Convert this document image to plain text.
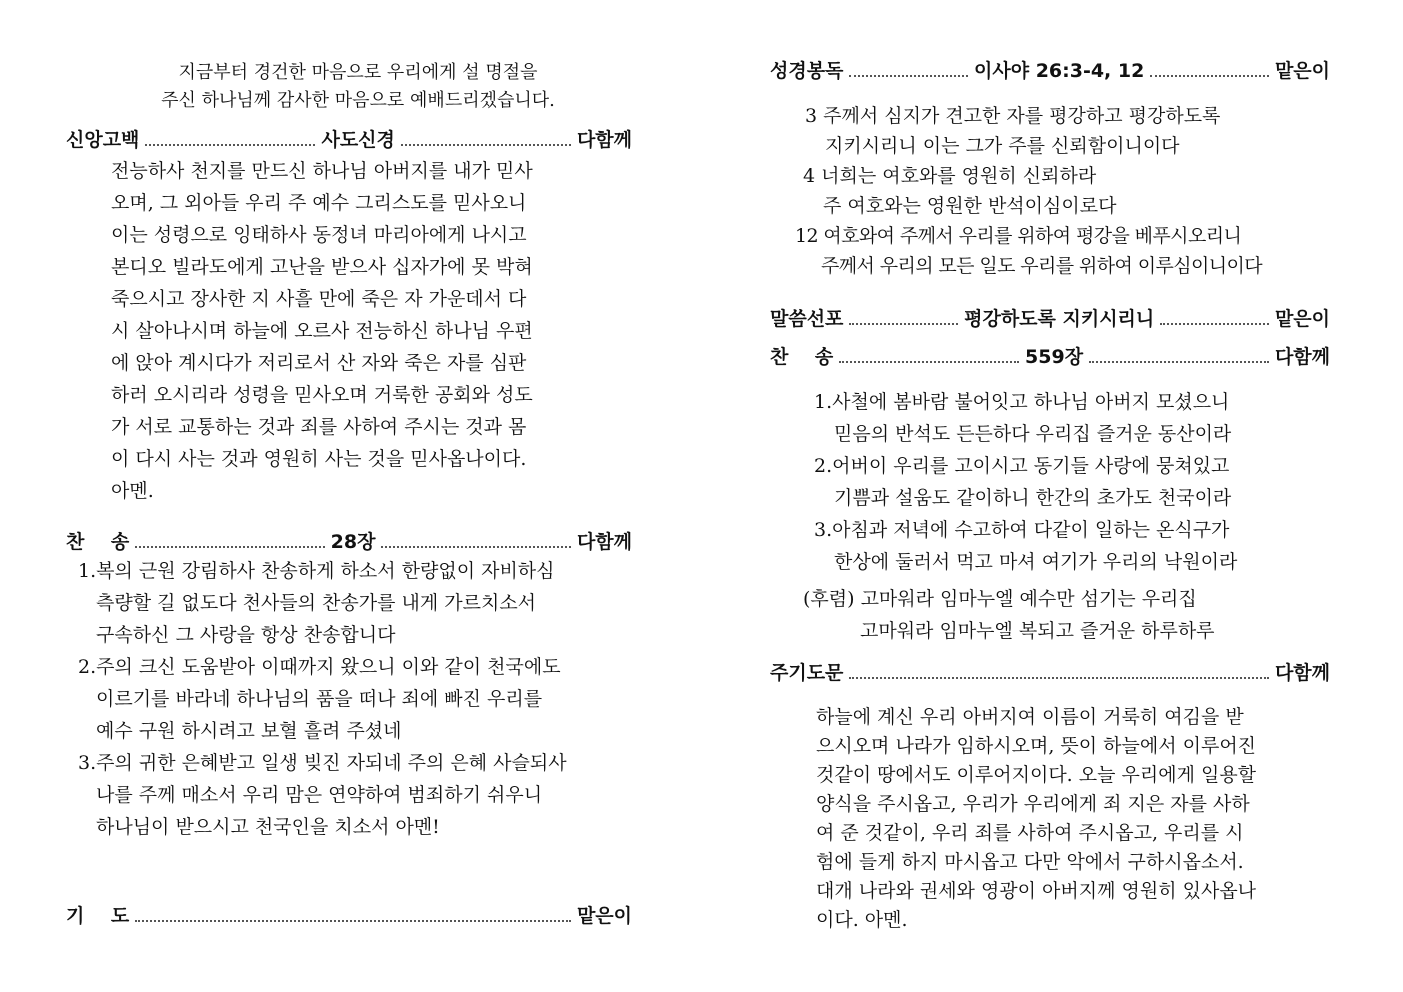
지금부터 경건한 마음으로 우리에게 설 명절을
주신 하나님께 감사한 마음으로 예배드리겠습니다.
신앙고백	사도신경	다함께
전능하사 천지를 만드신 하나님 아버지를 내가 믿사
오며, 그 외아들 우리 주 예수 그리스도를 믿사오니
이는 성령으로 잉태하사 동정녀 마리아에게 나시고
본디오 빌라도에게 고난을 받으사 십자가에 못 박혀
죽으시고 장사한 지 사흘 만에 죽은 자 가운데서 다
시 살아나시며 하늘에 오르사 전능하신 하나님 우편
에 앉아 계시다가 저리로서 산 자와 죽은 자를 심판
하러 오시리라 성령을 믿사오며 거룩한 공회와 성도
가 서로 교통하는 것과 죄를 사하여 주시는 것과 몸
이 다시 사는 것과 영원히 사는 것을 믿사옵나이다.
아멘.
찬    송	28장	다함께
1.복의 근원 강림하사 찬송하게 하소서 한량없이 자비하심
측량할 길 없도다 천사들의 찬송가를 내게 가르치소서
구속하신 그 사랑을 항상 찬송합니다
2.주의 크신 도움받아 이때까지 왔으니 이와 같이 천국에도
이르기를 바라네 하나님의 품을 떠나 죄에 빠진 우리를
예수 구원 하시려고 보혈 흘려 주셨네
3.주의 귀한 은혜받고 일생 빚진 자되네 주의 은혜 사슬되사
나를 주께 매소서 우리 맘은 연약하여 범죄하기 쉬우니
하나님이 받으시고 천국인을 치소서 아멘!
기    도	맡은이
성경봉독	이사야 26:3-4, 12	맡은이
3 주께서 심지가 견고한 자를 평강하고 평강하도록
지키시리니 이는 그가 주를 신뢰함이니이다
4 너희는 여호와를 영원히 신뢰하라
주 여호와는 영원한 반석이심이로다
12 여호와여 주께서 우리를 위하여 평강을 베푸시오리니
주께서 우리의 모든 일도 우리를 위하여 이루심이니이다
말씀선포	평강하도록 지키시리니	맡은이
찬    송	559장	다함께
1.사철에 봄바람 불어잇고 하나님 아버지 모셨으니
믿음의 반석도 든든하다 우리집 즐거운 동산이라
2.어버이 우리를 고이시고 동기들 사랑에 뭉쳐있고
기쁨과 설움도 같이하니 한간의 초가도 천국이라
3.아침과 저녁에 수고하여 다같이 일하는 온식구가
한상에 둘러서 먹고 마셔 여기가 우리의 낙원이라
(후렴) 고마워라 임마누엘 예수만 섬기는 우리집
고마워라 임마누엘 복되고 즐거운 하루하루
주기도문	다함께
하늘에 계신 우리 아버지여 이름이 거룩히 여김을 받
으시오며 나라가 임하시오며, 뜻이 하늘에서 이루어진
것같이 땅에서도 이루어지이다. 오늘 우리에게 일용할
양식을 주시옵고, 우리가 우리에게 죄 지은 자를 사하
여 준 것같이, 우리 죄를 사하여 주시옵고, 우리를 시
험에 들게 하지 마시옵고 다만 악에서 구하시옵소서.
대개 나라와 권세와 영광이 아버지께 영원히 있사옵나
이다. 아멘.
